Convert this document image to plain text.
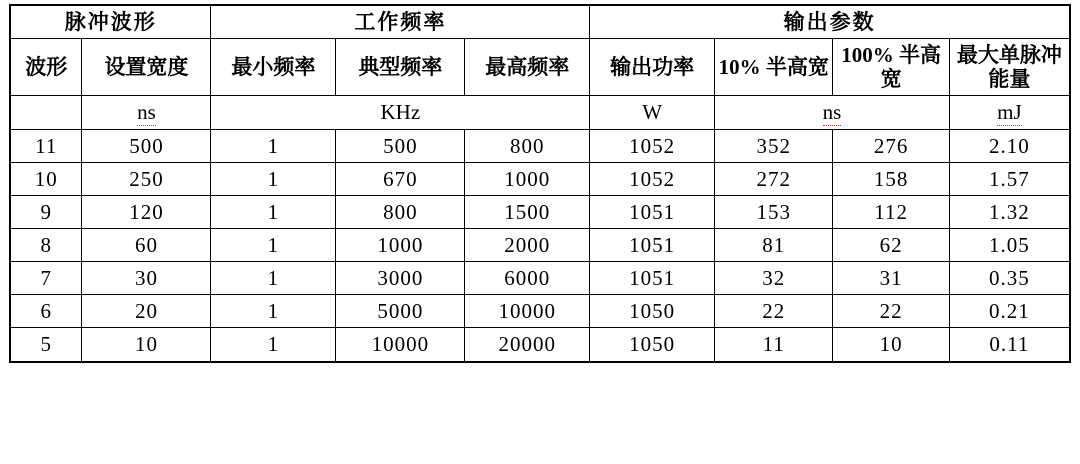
脉冲波形		工作频率			输出参数			
波形	设置宽度	最小频率	典型频率	最高频率	输出功率	10% 半高宽	100% 半高宽	最大单脉冲能量
	ns	KHz			W	ns		mJ
11	500	1	500	800	1052	352	276	2.10
10	250	1	670	1000	1052	272	158	1.57
9	120	1	800	1500	1051	153	112	1.32
8	60	1	1000	2000	1051	81	62	1.05
7	30	1	3000	6000	1051	32	31	0.35
6	20	1	5000	10000	1050	22	22	0.21
5	10	1	10000	20000	1050	11	10	0.11
